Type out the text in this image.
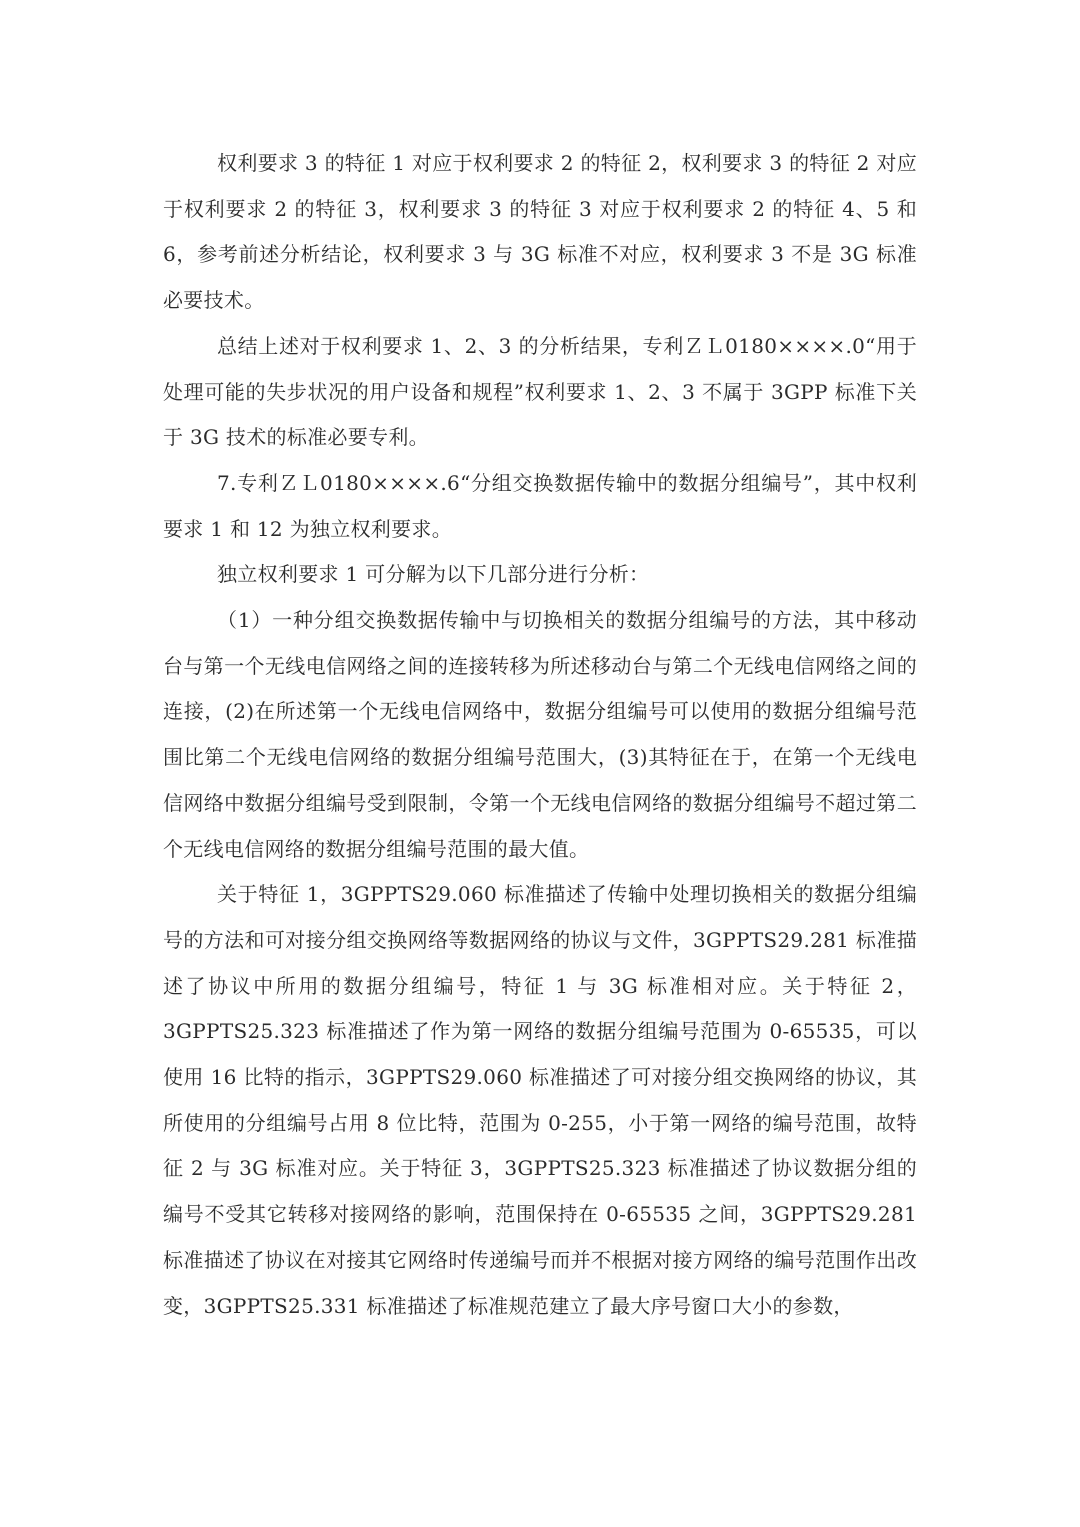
权利要求 3 的特征 1 对应于权利要求 2 的特征 2，权利要求 3 的特征 2 对应于权利要求 2 的特征 3，权利要求 3 的特征 3 对应于权利要求 2 的特征 4、5 和 6，参考前述分析结论，权利要求 3 与 3G 标准不对应，权利要求 3 不是 3G 标准必要技术。

总结上述对于权利要求 1、2、3 的分析结果，专利ＺＬ0180××××.0“用于处理可能的失步状况的用户设备和规程”权利要求 1、2、3 不属于 3GPP 标准下关于 3G 技术的标准必要专利。

7.专利ＺＬ0180××××.6“分组交换数据传输中的数据分组编号”，其中权利要求 1 和 12 为独立权利要求。

独立权利要求 1 可分解为以下几部分进行分析：

（1）一种分组交换数据传输中与切换相关的数据分组编号的方法，其中移动台与第一个无线电信网络之间的连接转移为所述移动台与第二个无线电信网络之间的连接，(2)在所述第一个无线电信网络中，数据分组编号可以使用的数据分组编号范围比第二个无线电信网络的数据分组编号范围大，(3)其特征在于，在第一个无线电信网络中数据分组编号受到限制，令第一个无线电信网络的数据分组编号不超过第二个无线电信网络的数据分组编号范围的最大值。

关于特征 1，3GPPTS29.060 标准描述了传输中处理切换相关的数据分组编号的方法和可对接分组交换网络等数据网络的协议与文件，3GPPTS29.281 标准描述了协议中所用的数据分组编号，特征 1 与 3G 标准相对应。关于特征 2，3GPPTS25.323 标准描述了作为第一网络的数据分组编号范围为 0-65535，可以使用 16 比特的指示，3GPPTS29.060 标准描述了可对接分组交换网络的协议，其所使用的分组编号占用 8 位比特，范围为 0-255，小于第一网络的编号范围，故特征 2 与 3G 标准对应。关于特征 3，3GPPTS25.323 标准描述了协议数据分组的编号不受其它转移对接网络的影响，范围保持在 0-65535 之间，3GPPTS29.281 标准描述了协议在对接其它网络时传递编号而并不根据对接方网络的编号范围作出改变，3GPPTS25.331 标准描述了标准规范建立了最大序号窗口大小的参数，
